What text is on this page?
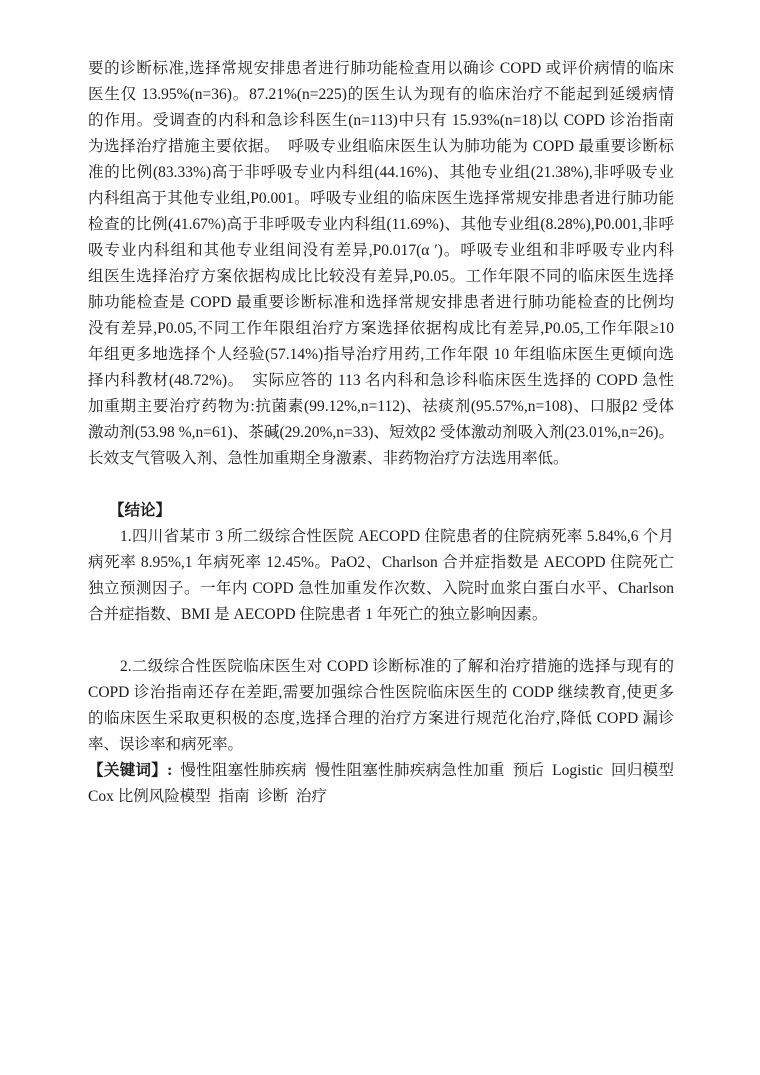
要的诊断标准,选择常规安排患者进行肺功能检查用以确诊 COPD 或评价病情的临床
医生仅 13.95%(n=36)。87.21%(n=225)的医生认为现有的临床治疗不能起到延缓病情
的作用。受调查的内科和急诊科医生(n=113)中只有 15.93%(n=18)以 COPD 诊治指南
为选择治疗措施主要依据。 呼吸专业组临床医生认为肺功能为 COPD 最重要诊断标
准的比例(83.33%)高于非呼吸专业内科组(44.16%)、其他专业组(21.38%),非呼吸专业
内科组高于其他专业组,P0.001。呼吸专业组的临床医生选择常规安排患者进行肺功能
检查的比例(41.67%)高于非呼吸专业内科组(11.69%)、其他专业组(8.28%),P0.001,非呼
吸专业内科组和其他专业组间没有差异,P0.017(α ′)。呼吸专业组和非呼吸专业内科
组医生选择治疗方案依据构成比比较没有差异,P0.05。工作年限不同的临床医生选择
肺功能检查是 COPD 最重要诊断标准和选择常规安排患者进行肺功能检查的比例均
没有差异,P0.05,不同工作年限组治疗方案选择依据构成比有差异,P0.05,工作年限≥10
年组更多地选择个人经验(57.14%)指导治疗用药,工作年限 10 年组临床医生更倾向选
择内科教材(48.72%)。 实际应答的 113 名内科和急诊科临床医生选择的 COPD 急性
加重期主要治疗药物为:抗菌素(99.12%,n=112)、祛痰剂(95.57%,n=108)、口服β2 受体
激动剂(53.98 %,n=61)、茶碱(29.20%,n=33)、短效β2 受体激动剂吸入剂(23.01%,n=26)。
长效支气管吸入剂、急性加重期全身激素、非药物治疗方法选用率低。
【结论】
1.四川省某市 3 所二级综合性医院 AECOPD 住院患者的住院病死率 5.84%,6 个月
病死率 8.95%,1 年病死率 12.45%。PaO2、Charlson 合并症指数是 AECOPD 住院死亡
独立预测因子。一年内 COPD 急性加重发作次数、入院时血浆白蛋白水平、Charlson
合并症指数、BMI 是 AECOPD 住院患者 1 年死亡的独立影响因素。
2.二级综合性医院临床医生对 COPD 诊断标准的了解和治疗措施的选择与现有的
COPD 诊治指南还存在差距,需要加强综合性医院临床医生的 CODP 继续教育,使更多
的临床医生采取更积极的态度,选择合理的治疗方案进行规范化治疗,降低 COPD 漏诊
率、误诊率和病死率。
【关键词】: 慢性阻塞性肺疾病 慢性阻塞性肺疾病急性加重 预后 Logistic 回归模型
Cox 比例风险模型 指南 诊断 治疗
